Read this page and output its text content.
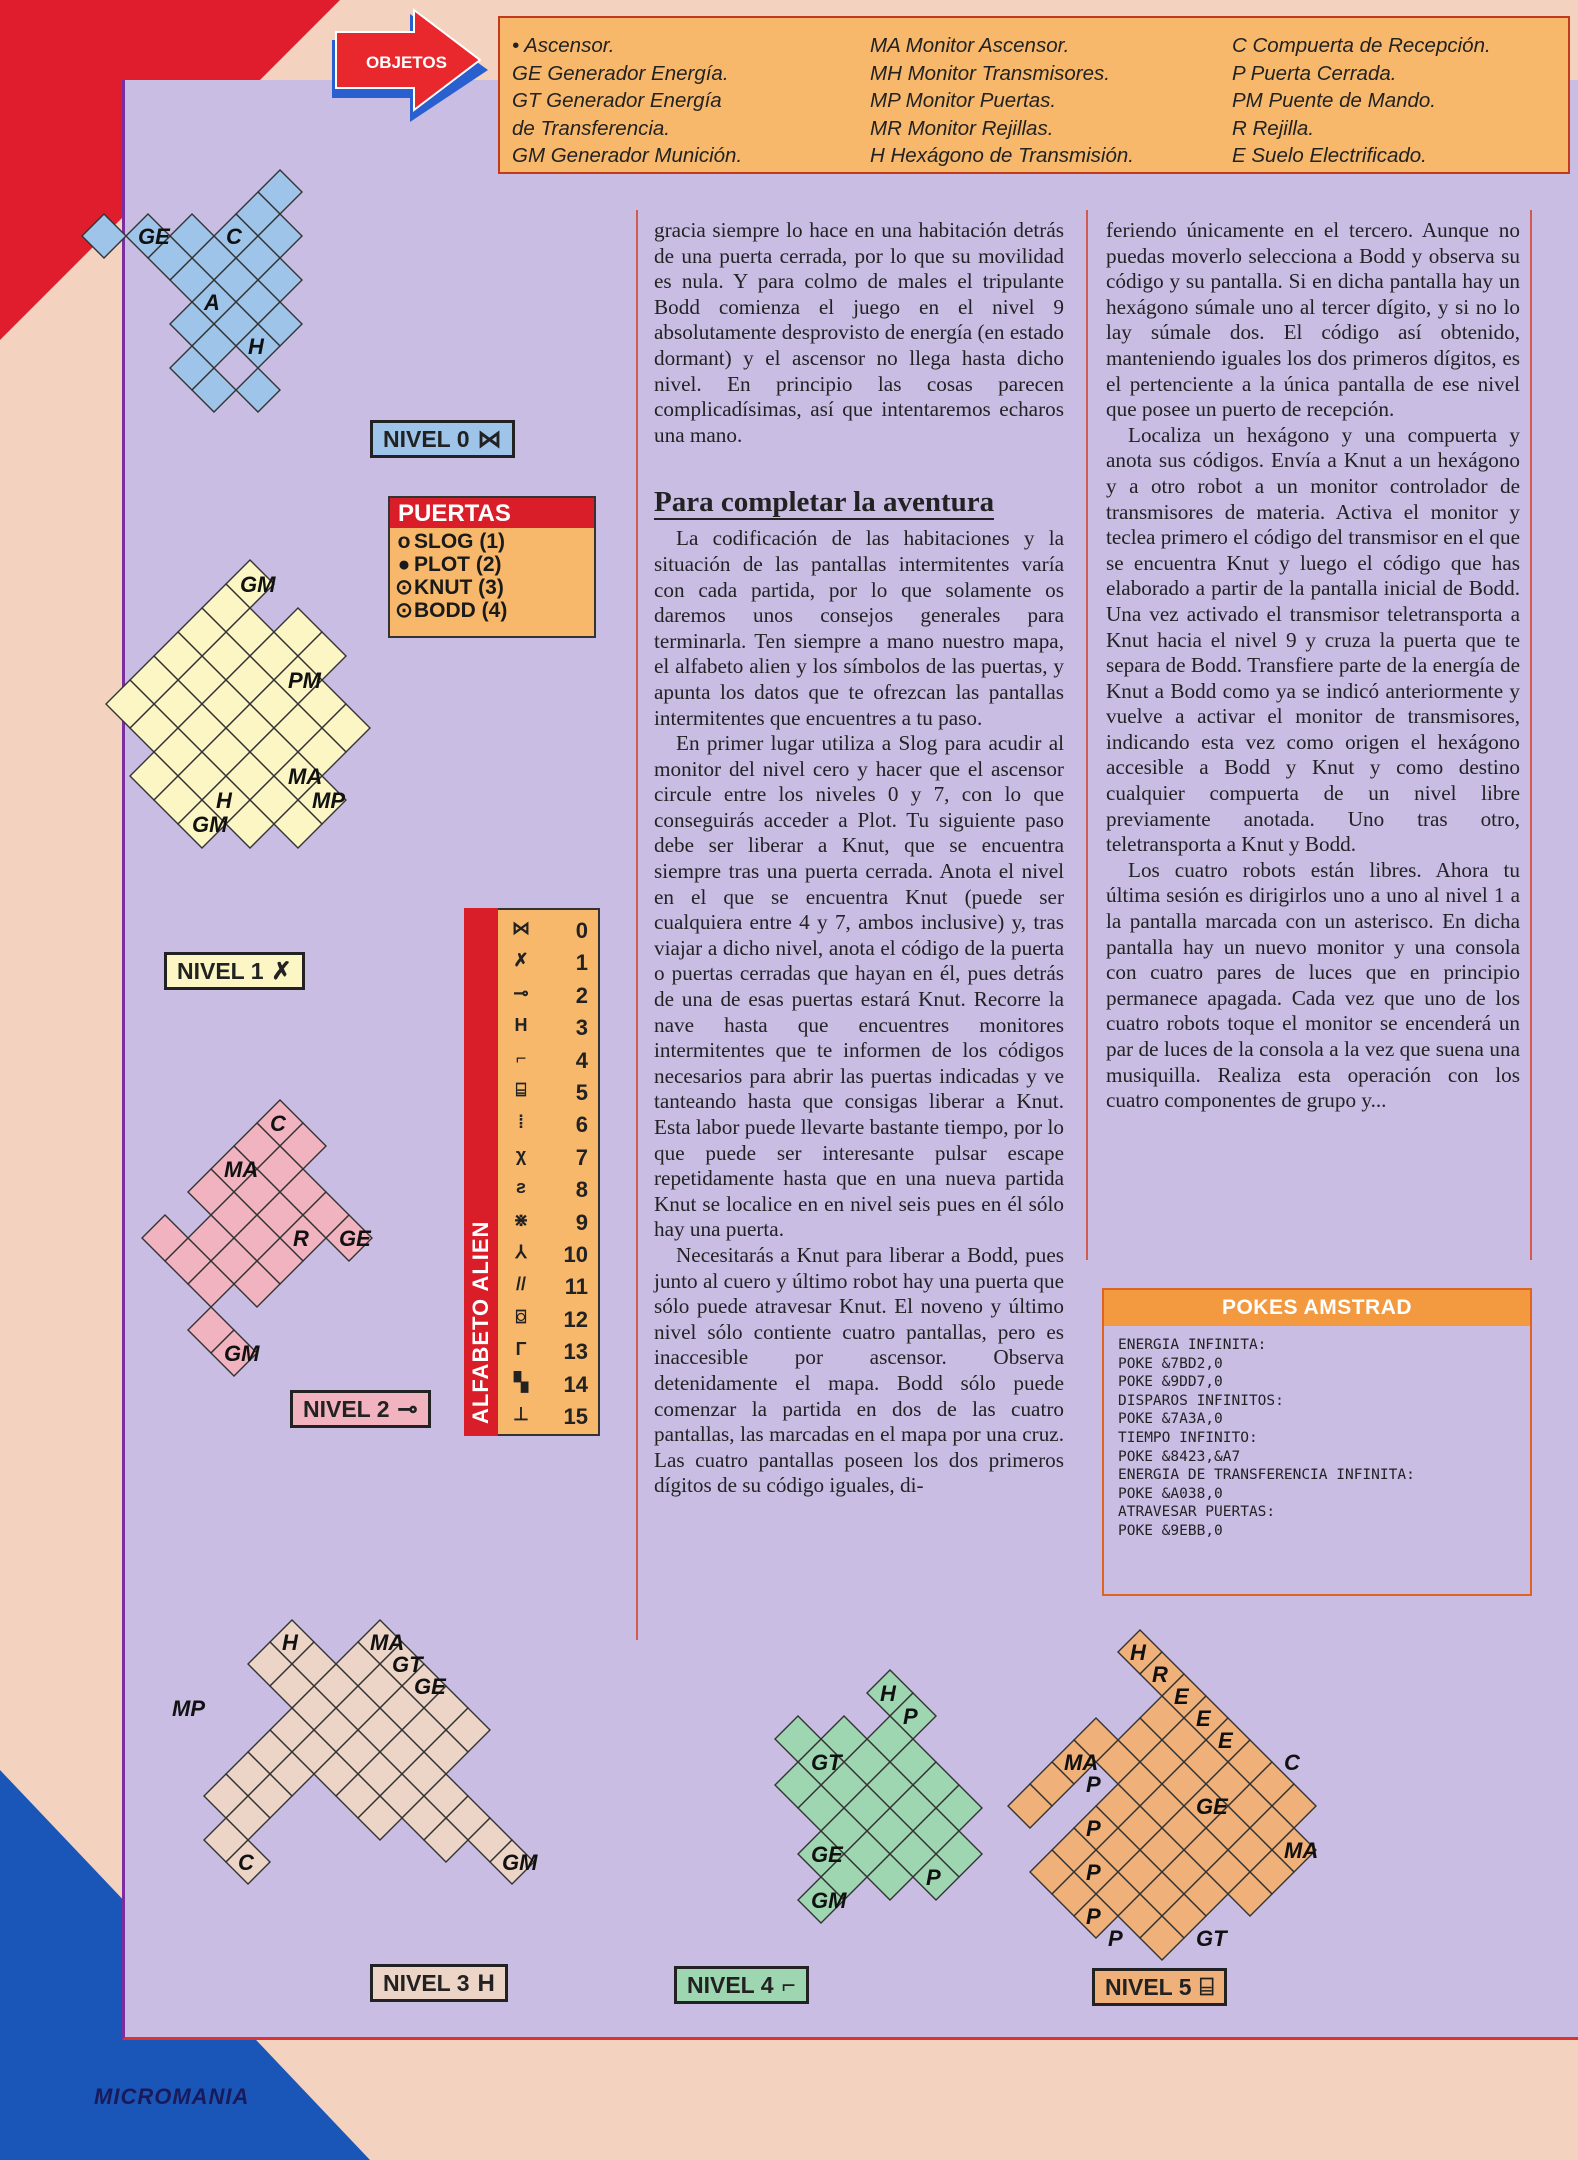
OBJETOS
• Ascensor.
GE Generador Energía.
GT Generador Energía
de Transferencia.
GM Generador Munición.
MA Monitor Ascensor.
MH Monitor Transmisores.
MP Monitor Puertas.
MR Monitor Rejillas.
H Hexágono de Transmisión.
C Compuerta de Recepción.
P Puerta Cerrada.
PM Puente de Mando.
R Rejilla.
E Suelo Electrificado.

gracia siempre lo hace en una habitación detrás de una puerta cerrada, por lo que su movilidad es nula. Y para colmo de males el tripulante Bodd comienza el juego en el nivel 9 absolutamente desprovisto de energía (en estado dormant) y el ascensor no llega hasta dicho nivel. En principio las cosas parecen complicadísimas, así que intentaremos echaros una mano.

Para completar la aventura

La codificación de las habitaciones y la situación de las pantallas intermitentes varía con cada partida, por lo que solamente os daremos unos consejos generales para terminarla. Ten siempre a mano nuestro mapa, el alfabeto alien y los símbolos de las puertas, y apunta los datos que te ofrezcan las pantallas intermitentes que encuentres a tu paso.

En primer lugar utiliza a Slog para acudir al monitor del nivel cero y hacer que el ascensor circule entre los niveles 0 y 7, con lo que conseguirás acceder a Plot. Tu siguiente paso debe ser liberar a Knut, que se encuentra siempre tras una puerta cerrada. Anota el nivel en el que se encuentra Knut (puede ser cualquiera entre 4 y 7, ambos inclusive) y, tras viajar a dicho nivel, anota el código de la puerta o puertas cerradas que hayan en él, pues detrás de una de esas puertas estará Knut. Recorre la nave hasta que encuentres monitores intermitentes que te informen de los códigos necesarios para abrir las puertas indicadas y ve tanteando hasta que consigas liberar a Knut. Esta labor puede llevarte bastante tiempo, por lo que puede ser interesante pulsar escape repetidamente hasta que en una nueva partida Knut se localice en en nivel seis pues en él sólo hay una puerta.

Necesitarás a Knut para liberar a Bodd, pues junto al cuero y último robot hay una puerta que sólo puede atravesar Knut. El noveno y último nivel sólo contiente cuatro pantallas, pero es inaccesible por ascensor. Observa detenidamente el mapa. Bodd sólo puede comenzar la partida en dos de las cuatro pantallas, las marcadas en el mapa por una cruz. Las cuatro pantallas poseen los dos primeros dígitos de su código iguales, di-

feriendo únicamente en el tercero. Aunque no puedas moverlo selecciona a Bodd y observa su código y su pantalla. Si en dicha pantalla hay un hexágono súmale uno al tercer dígito, y si no lo lay súmale dos. El código así obtenido, manteniendo iguales los dos primeros dígitos, es el pertenciente a la única pantalla de ese nivel que posee un puerto de recepción.

Localiza un hexágono y una compuerta y anota sus códigos. Envía a Knut a un hexágono y a otro robot a un monitor controlador de transmisores de materia. Activa el monitor y teclea primero el código del transmisor en el que se encuentra Knut y luego el código que has elaborado a partir de la pantalla inicial de Bodd. Una vez activado el transmisor teletransporta a Knut hacia el nivel 9 y cruza la puerta que te separa de Bodd. Transfiere parte de la energía de Knut a Bodd como ya se indicó anteriormente y vuelve a activar el monitor de transmisores, indicando esta vez como origen el hexágono accesible a Bodd y Knut y como destino cualquier compuerta de un nivel libre previamente anotada. Uno tras otro, teletransporta a Knut y Bodd.

Los cuatro robots están libres. Ahora tu última sesión es dirigirlos uno a uno al nivel 1 a la pantalla marcada con un asterisco. En dicha pantalla hay un nuevo monitor y una consola con cuatro pares de luces que en principio permanece apagada. Cada vez que uno de los cuatro robots toque el monitor se encenderá un par de luces de la consola a la vez que suena una musiquilla. Realiza esta operación con los cuatro componentes de grupo y...

POKES AMSTRAD
ENERGIA INFINITA:
POKE &7BD2,0
POKE &9DD7,0
DISPAROS INFINITOS:
POKE &7A3A,0
TIEMPO INFINITO:
POKE &8423,&A7
ENERGIA DE TRANSFERENCIA INFINITA:
POKE &A038,0
ATRAVESAR PUERTAS:
POKE &9EBB,0
PUERTAS
o SLOG (1)
● PLOT (2)
⊙ KNUT (3)
⊙ BODD (4)
ALFABETO ALIEN
⋈ 0
✗ 1
⊸ 2
H 3
⌐	4
⌸	5
⁞	6
χ	7
ƨ	8
⋇ 9
⅄	10
//	11
⌼	12
Γ	13
▚ 14
⊥ 15
C
GE
A
H
GM
PM
MA
MP
H
GM
C
MA
R GE
GM
MA
GT
GE
H
GM
MP
C
H
P
GT
P
GE
GM
H
R
E
E
E
C
MA
GE
MA
P
P
P
P
P	GT
NIVEL 0 ⋈
NIVEL 1 ✗
NIVEL 2 ⊸
NIVEL 3 H	NIVEL 4 ⌐	NIVEL 5 ⌸
MICROMANIA
